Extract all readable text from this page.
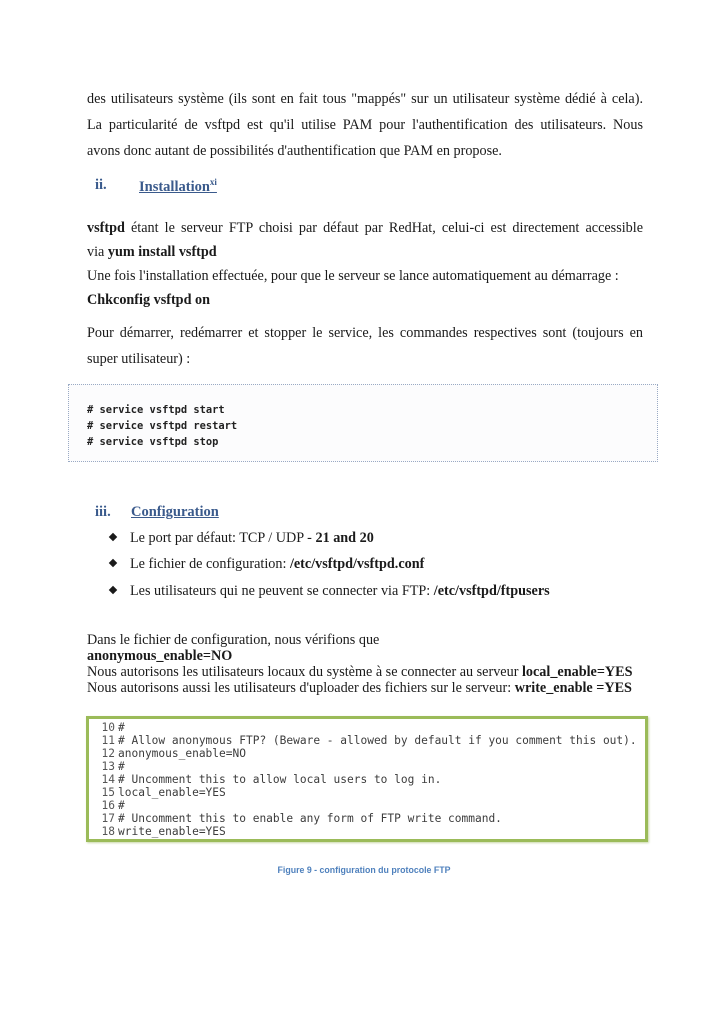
des utilisateurs système (ils sont en fait tous "mappés" sur un utilisateur système dédié à cela).

La particularité de vsftpd est qu'il utilise PAM pour l'authentification des utilisateurs. Nous

avons donc autant de possibilités d'authentification que PAM en propose.

ii. Installation$^{xi}$

vsftpd étant le serveur FTP choisi par défaut par RedHat, celui-ci est directement accessible

via yum install vsftpd

Une fois l'installation effectuée, pour que le serveur se lance automatiquement au démarrage :

Chkconfig vsftpd on

Pour démarrer, redémarrer et stopper le service, les commandes respectives sont (toujours en

super utilisateur) :

# service vsftpd start

# service vsftpd restart

# service vsftpd stop

iii. Configuration
Le port par défaut: TCP / UDP - 21 and 20
Le fichier de configuration: /etc/vsftpd/vsftpd.conf
Les utilisateurs qui ne peuvent se connecter via FTP: /etc/vsftpd/ftpusers

Dans le fichier de configuration, nous vérifions que

anonymous_enable=NO

Nous autorisons les utilisateurs locaux du système à se connecter au serveur local_enable=YES

Nous autorisons aussi les utilisateurs d'uploader des fichiers sur le serveur: write_enable =YES

10 #
11 # Allow anonymous FTP? (Beware - allowed by default if you comment this out).
12 anonymous_enable=NO
13 #
14 # Uncomment this to allow local users to log in.
15 local_enable=YES
16 #
17 # Uncomment this to enable any form of FTP write command.
18 write_enable=YES

Figure 9 - configuration du protocole FTP
